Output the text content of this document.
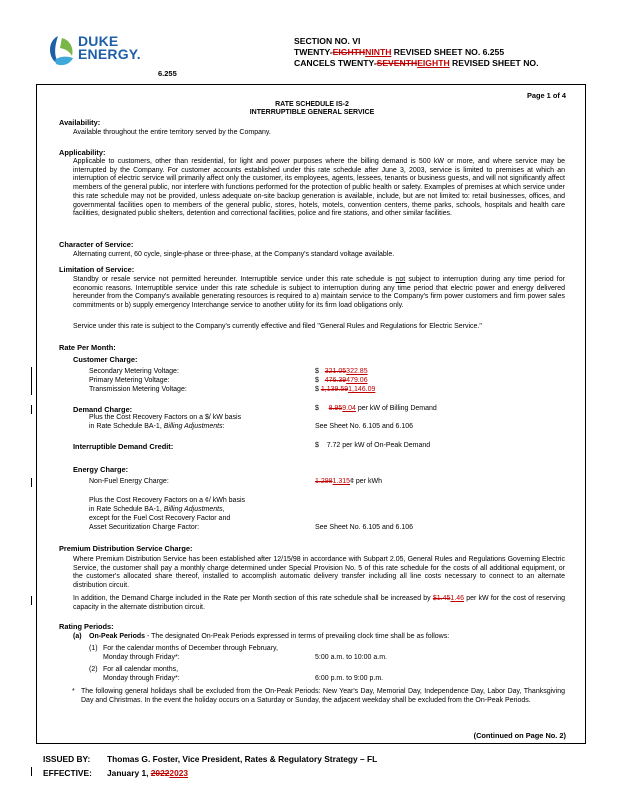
DUKE
ENERGY.
6.255
SECTION NO. VI
TWENTY-EIGHTHNINTH REVISED SHEET NO. 6.255
CANCELS TWENTY-SEVENTHEIGHTH REVISED SHEET NO.
Page 1 of 4
RATE SCHEDULE IS-2
INTERRUPTIBLE GENERAL SERVICE
Availability:
Available throughout the entire territory served by the Company.
Applicability:
Applicable to customers, other than residential, for light and power purposes where the billing demand is 500 kW or more, and where service may be interrupted by the Company. For customer accounts established under this rate schedule after June 3, 2003, service is limited to premises at which an interruption of electric service will primarily affect only the customer, its employees, agents, lessees, tenants or business guests, and will not significantly affect members of the general public, nor interfere with functions performed for the protection of public health or safety. Examples of premises at which service under this rate schedule may not be provided, unless adequate on-site backup generation is available, include, but are not limited to: retail businesses, offices, and governmental facilities open to members of the general public, stores, hotels, motels, convention centers, theme parks, schools, hospitals and health care facilities, designated public shelters, detention and correctional facilities, police and fire stations, and other similar facilities.
Character of Service:
Alternating current, 60 cycle, single-phase or three-phase, at the Company's standard voltage available.
Limitation of Service:
Standby or resale service not permitted hereunder. Interruptible service under this rate schedule is not subject to interruption during any time period for economic reasons. Interruptible service under this rate schedule is subject to interruption during any time period that electric power and energy delivered hereunder from the Company's available generating resources is required to a) maintain service to the Company's firm power customers and firm power sales commitments or b) supply emergency Interchange service to another utility for its firm load obligations only.
Service under this rate is subject to the Company's currently effective and filed "General Rules and Regulations for Electric Service."
Rate Per Month:
Customer Charge:
Secondary Metering Voltage:	$ 321.05322.85
Primary Metering Voltage:	$ 476.39479.06
Transmission Metering Voltage:	$ 1,139.591,146.09
Demand Charge:	$ 8.959.04 per kW of Billing Demand
Plus the Cost Recovery Factors on a $/ kW basis
in Rate Schedule BA-1, Billing Adjustments:	See Sheet No. 6.105 and 6.106
Interruptible Demand Credit:	$ 7.72 per kW of On-Peak Demand
Energy Charge:
Non-Fuel Energy Charge:	1.2981.315¢ per kWh
Plus the Cost Recovery Factors on a ¢/ kWh basis
in Rate Schedule BA-1, Billing Adjustments,
except for the Fuel Cost Recovery Factor and
Asset Securitization Charge Factor:	See Sheet No. 6.105 and 6.106
Premium Distribution Service Charge:
Where Premium Distribution Service has been established after 12/15/98 in accordance with Subpart 2.05, General Rules and Regulations Governing Electric Service, the customer shall pay a monthly charge determined under Special Provision No. 5 of this rate schedule for the costs of all additional equipment, or the customer's allocated share thereof, installed to accomplish automatic delivery transfer including all line costs necessary to connect to an alternate distribution circuit.
In addition, the Demand Charge included in the Rate per Month section of this rate schedule shall be increased by $1.451.46 per kW for the cost of reserving capacity in the alternate distribution circuit.
Rating Periods:
(a) On-Peak Periods - The designated On-Peak Periods expressed in terms of prevailing clock time shall be as follows:
(1) For the calendar months of December through February,
Monday through Friday*:	5:00 a.m. to 10:00 a.m.
(2) For all calendar months,
Monday through Friday*:	6:00 p.m. to 9:00 p.m.
* The following general holidays shall be excluded from the On-Peak Periods: New Year's Day, Memorial Day, Independence Day, Labor Day, Thanksgiving Day and Christmas. In the event the holiday occurs on a Saturday or Sunday, the adjacent weekday shall be excluded from the On-Peak Periods.
(Continued on Page No. 2)
ISSUED BY: Thomas G. Foster, Vice President, Rates & Regulatory Strategy – FL
EFFECTIVE: January 1, 20222023
